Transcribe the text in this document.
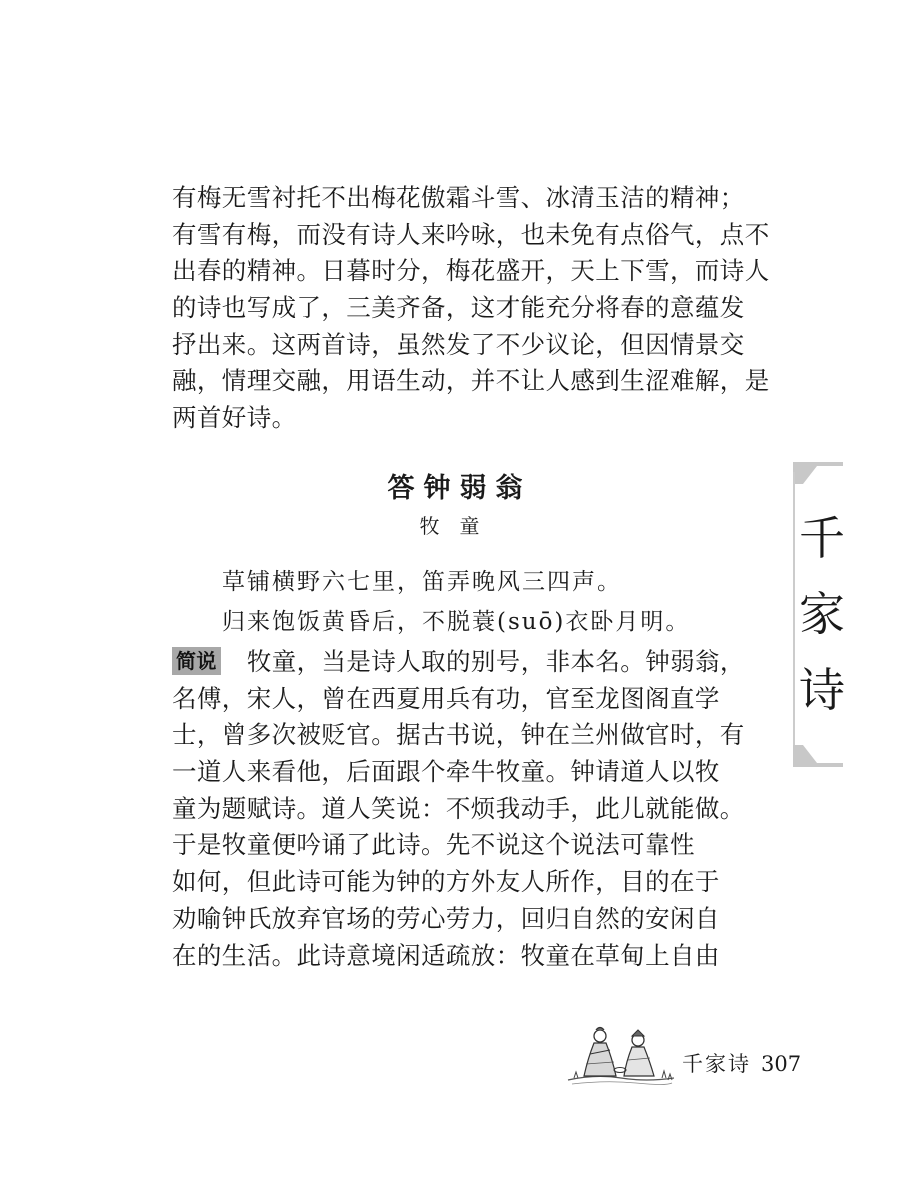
有梅无雪衬托不出梅花傲霜斗雪、冰清玉洁的精神；
有雪有梅，而没有诗人来吟咏，也未免有点俗气，点不
出春的精神。日暮时分，梅花盛开，天上下雪，而诗人
的诗也写成了，三美齐备，这才能充分将春的意蕴发
抒出来。这两首诗，虽然发了不少议论，但因情景交
融，情理交融，用语生动，并不让人感到生涩难解，是
两首好诗。
答钟弱翁
牧童
草铺横野六七里，笛弄晚风三四声。
归来饱饭黄昏后，不脱蓑(suō)衣卧月明。
简说 牧童，当是诗人取的别号，非本名。钟弱翁，
名傅，宋人，曾在西夏用兵有功，官至龙图阁直学
士，曾多次被贬官。据古书说，钟在兰州做官时，有
一道人来看他，后面跟个牵牛牧童。钟请道人以牧
童为题赋诗。道人笑说：不烦我动手，此儿就能做。
于是牧童便吟诵了此诗。先不说这个说法可靠性
如何，但此诗可能为钟的方外友人所作，目的在于
劝喻钟氏放弃官场的劳心劳力，回归自然的安闲自
在的生活。此诗意境闲适疏放：牧童在草甸上自由
千
家
诗
千家诗 307
